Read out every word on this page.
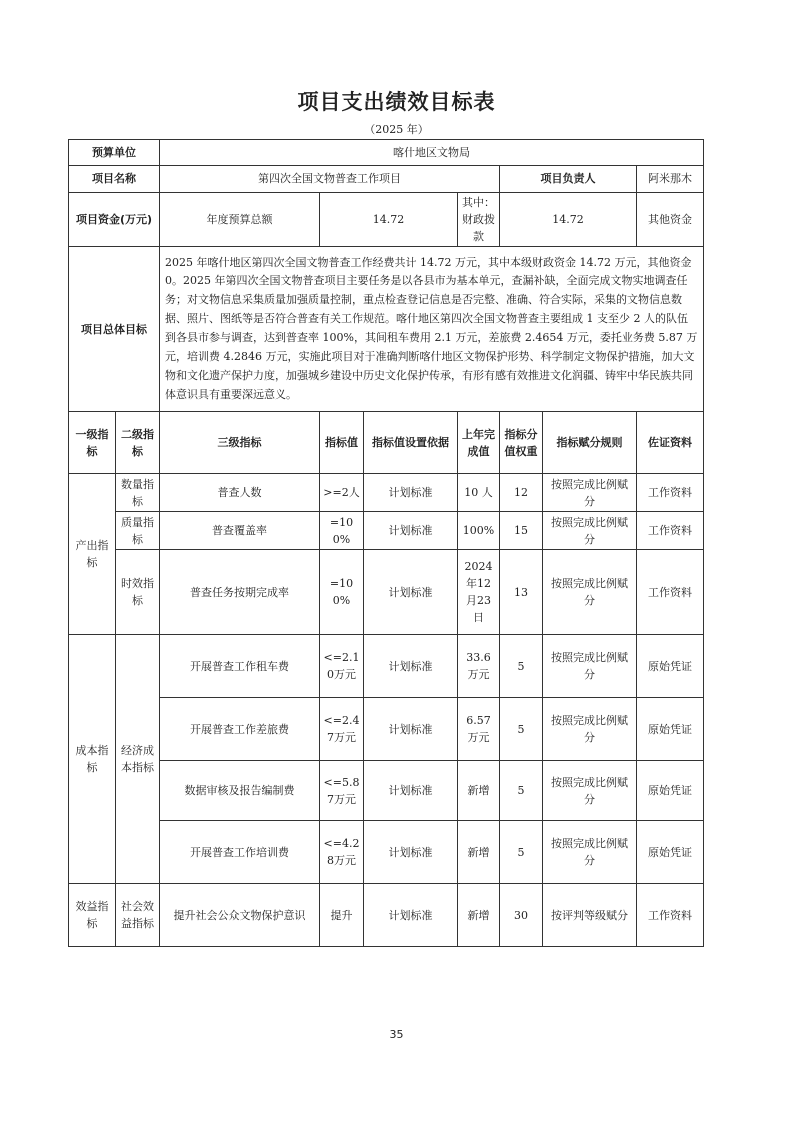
项目支出绩效目标表
（2025 年）
预算单位		喀什地区文物局						
项目名称		第四次全国文物普查工作项目				项目负责人		阿米那木
项目资金(万元)		年度预算总额	14.72		其中：财政拨款	14.72		其他资金
项目总体目标		2025 年喀什地区第四次全国文物普查工作经费共计 14.72 万元，其中本级财政资金 14.72 万元，其他资金 0。2025 年第四次全国文物普查项目主要任务是以各县市为基本单元，查漏补缺，全面完成文物实地调查任务；对文物信息采集质量加强质量控制，重点检查登记信息是否完整、准确、符合实际，采集的文物信息数据、照片、图纸等是否符合普查有关工作规范。喀什地区第四次全国文物普查主要组成 1 支至少 2 人的队伍到各县市参与调查，达到普查率 100%，其间租车费用 2.1 万元，差旅费 2.4654 万元，委托业务费 5.87 万元，培训费 4.2846 万元，实施此项目对于准确判断喀什地区文物保护形势、科学制定文物保护措施，加大文物和文化遗产保护力度，加强城乡建设中历史文化保护传承，有形有感有效推进文化润疆、铸牢中华民族共同体意识具有重要深远意义。						
一级指标	二级指标	三级指标	指标值	指标值设置依据	上年完成值	指标分值权重	指标赋分规则	佐证资料
产出指标	数量指标	普查人数	>=2人	计划标准	10 人	12	按照完成比例赋分	工作资料
	质量指标	普查覆盖率	=100%	计划标准	100%	15	按照完成比例赋分	工作资料
	时效指标	普查任务按期完成率	=100%	计划标准	2024年12月23日	13	按照完成比例赋分	工作资料
成本指标	经济成本指标	开展普查工作租车费	<=2.10万元	计划标准	33.6万元	5	按照完成比例赋分	原始凭证
		开展普查工作差旅费	<=2.47万元	计划标准	6.57万元	5	按照完成比例赋分	原始凭证
		数据审核及报告编制费	<=5.87万元	计划标准	新增	5	按照完成比例赋分	原始凭证
		开展普查工作培训费	<=4.28万元	计划标准	新增	5	按照完成比例赋分	原始凭证
效益指标	社会效益指标	提升社会公众文物保护意识	提升	计划标准	新增	30	按评判等级赋分	工作资料
35
